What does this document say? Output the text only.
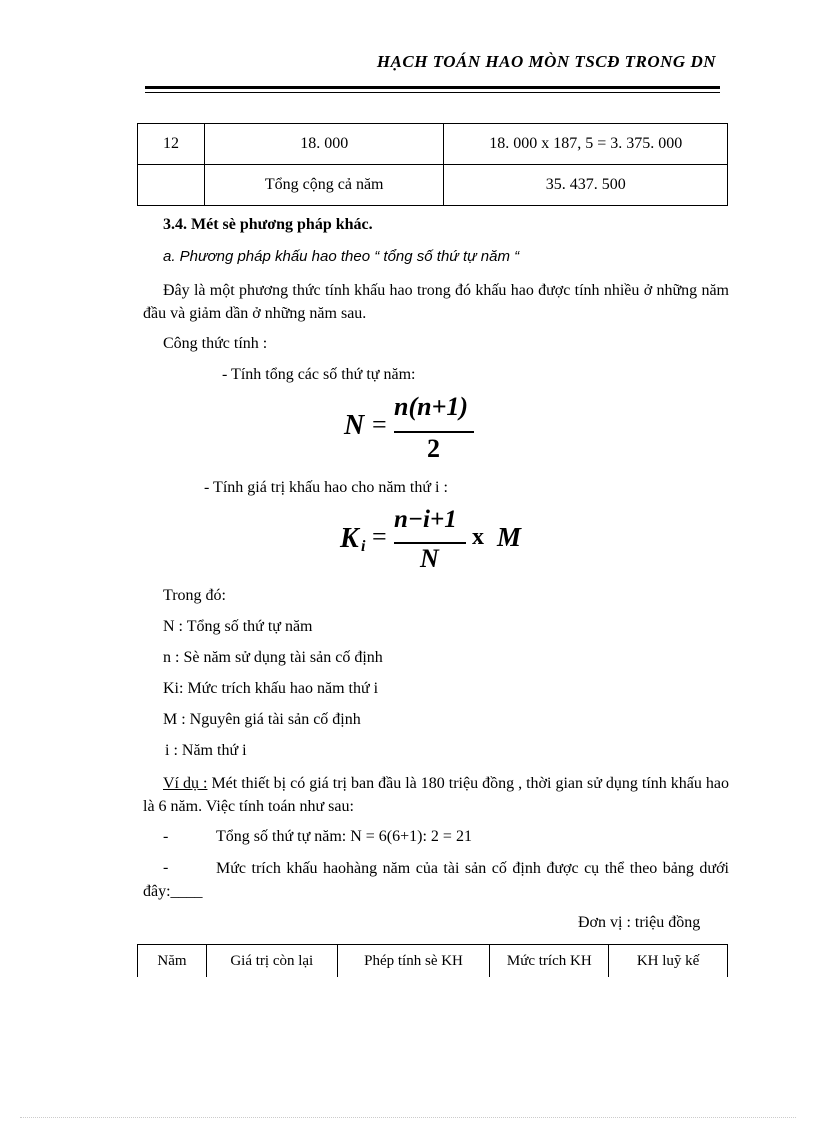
HẠCH TOÁN HAO MÒN TSCĐ TRONG DN
12	18. 000	18. 000 x 187, 5 = 3. 375. 000
	Tổng cộng cả năm	35. 437. 500
3.4. Mét sè phương pháp khác.
a. Phương pháp khấu hao theo “ tổng số thứ tự năm “
Đây là một phương thức tính khấu hao trong đó khấu hao được tính nhiều ở những năm đầu và giảm dần ở những năm sau.
Công thức tính :
- Tính tổng các số thứ tự năm:
N =
n(n+1)
2
- Tính giá trị khấu hao cho năm thứ i :
K i =
n−i+1
N
x M
Trong đó:
N : Tổng số thứ tự năm
n : Sè năm sử dụng tài sản cố định
Ki: Mức trích khấu hao năm thứ i
M : Nguyên giá tài sản cố định
i : Năm thứ i
Ví dụ : Mét thiết bị có giá trị ban đầu là 180 triệu đồng , thời gian sử dụng tính khấu hao là 6 năm. Việc tính toán như sau:
-	Tổng số thứ tự năm: N = 6(6+1): 2 = 21
-	Mức trích khấu haohàng năm của tài sản cố định được cụ thể theo bảng dưới đây:____
Đơn vị : triệu đồng
Năm	Giá trị còn lại	Phép tính sè KH	Mức trích KH	KH luỹ kế
